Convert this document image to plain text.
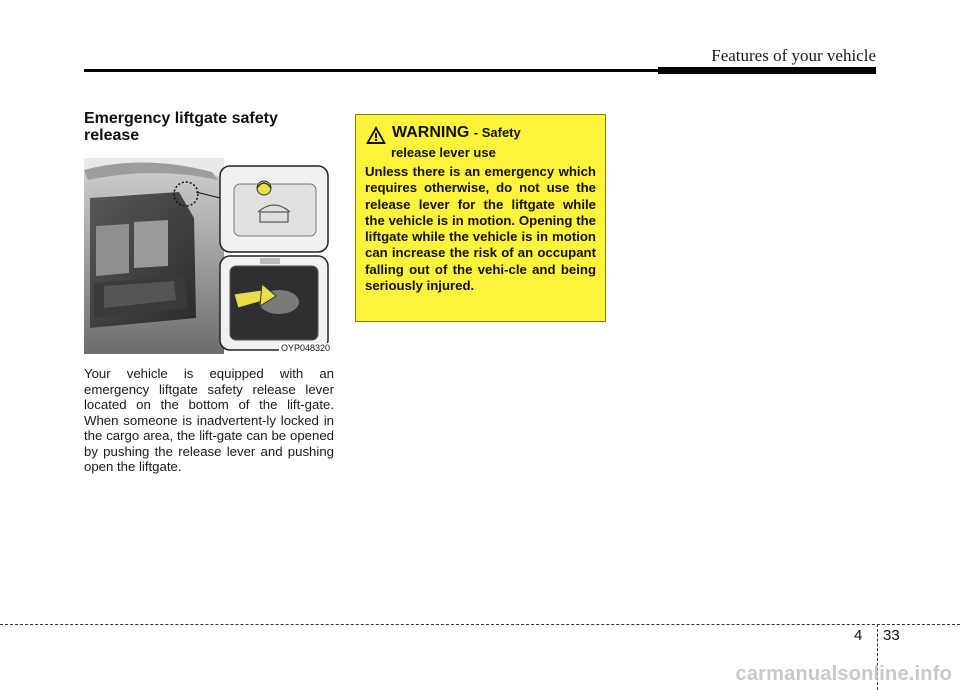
Features of your vehicle
Emergency liftgate safety release
OYP048320
Your vehicle is equipped with an emergency liftgate safety release lever located on the bottom of the lift-gate. When someone is inadvertent-ly locked in the cargo area, the lift-gate can be opened by pushing the release lever and pushing open the liftgate.
WARNING - Safety
release lever use
Unless there is an emergency which requires otherwise, do not use the release lever for the liftgate while the vehicle is in motion. Opening the liftgate while the vehicle is in motion can increase the risk of an occupant falling out of the vehi-cle and being seriously injured.
4 33
carmanualsonline.info
